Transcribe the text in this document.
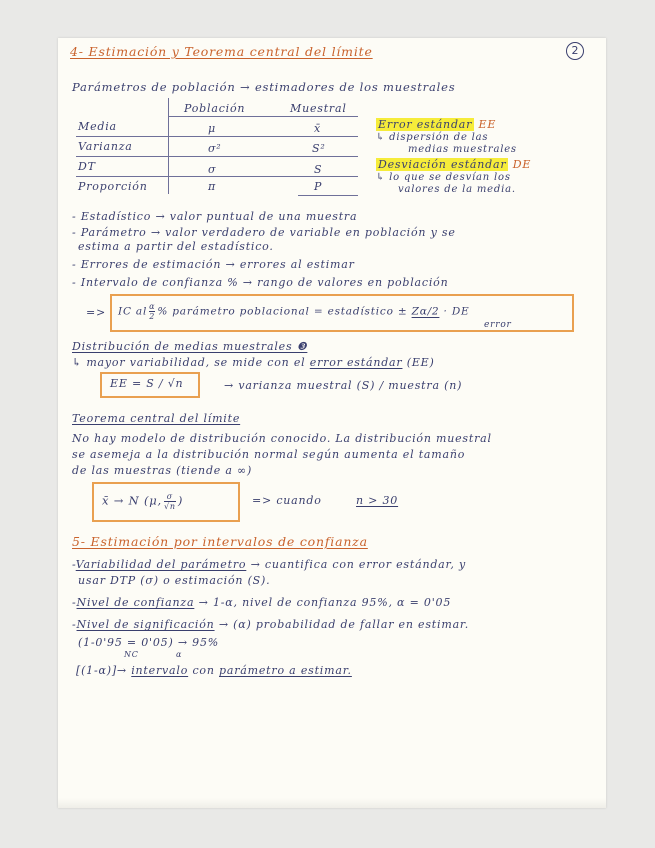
4- Estimación y Teorema central del límite	2
Parámetros de población → estimadores de los muestrales
Población	Muestral
Media	μ	x̄
Varianza	σ²	S²
DT	σ	S
Proporción	π	P
Error estándar EE
↳ dispersión de las
medias muestrales
Desviación estándar DE
↳ lo que se desvían los
valores de la media.
- Estadístico → valor puntual de una muestra
- Parámetro → valor verdadero de variable en población y se
estima a partir del estadístico.
- Errores de estimación → errores al estimar
- Intervalo de confianza % → rango de valores en población
=> IC al $\frac{\alpha}{2}$ % parámetro poblacional = estadístico ± Zα/2 · DE
error
Distribución de medias muestrales ❸
↳ mayor variabilidad, se mide con el error estándar (EE)
EE = S / √n	→ varianza muestral (S) / muestra (n)
Teorema central del límite
No hay modelo de distribución conocido. La distribución muestral
se asemeja a la distribución normal según aumenta el tamaño
de las muestras (tiende a ∞)
x̄ → N (μ, $\frac{\sigma}{√n}$ )	=> cuando	n > 30
5- Estimación por intervalos de confianza
-Variabilidad del parámetro → cuantifica con error estándar, y
usar DTP (σ) o estimación (S).
-Nivel de confianza → 1-α, nivel de confianza 95%, α = 0'05
-Nivel de significación → (α) probabilidad de fallar en estimar.
(1-0'95 = 0'05) → 95%
NC	α
[(1-α)]→ intervalo con parámetro a estimar.
